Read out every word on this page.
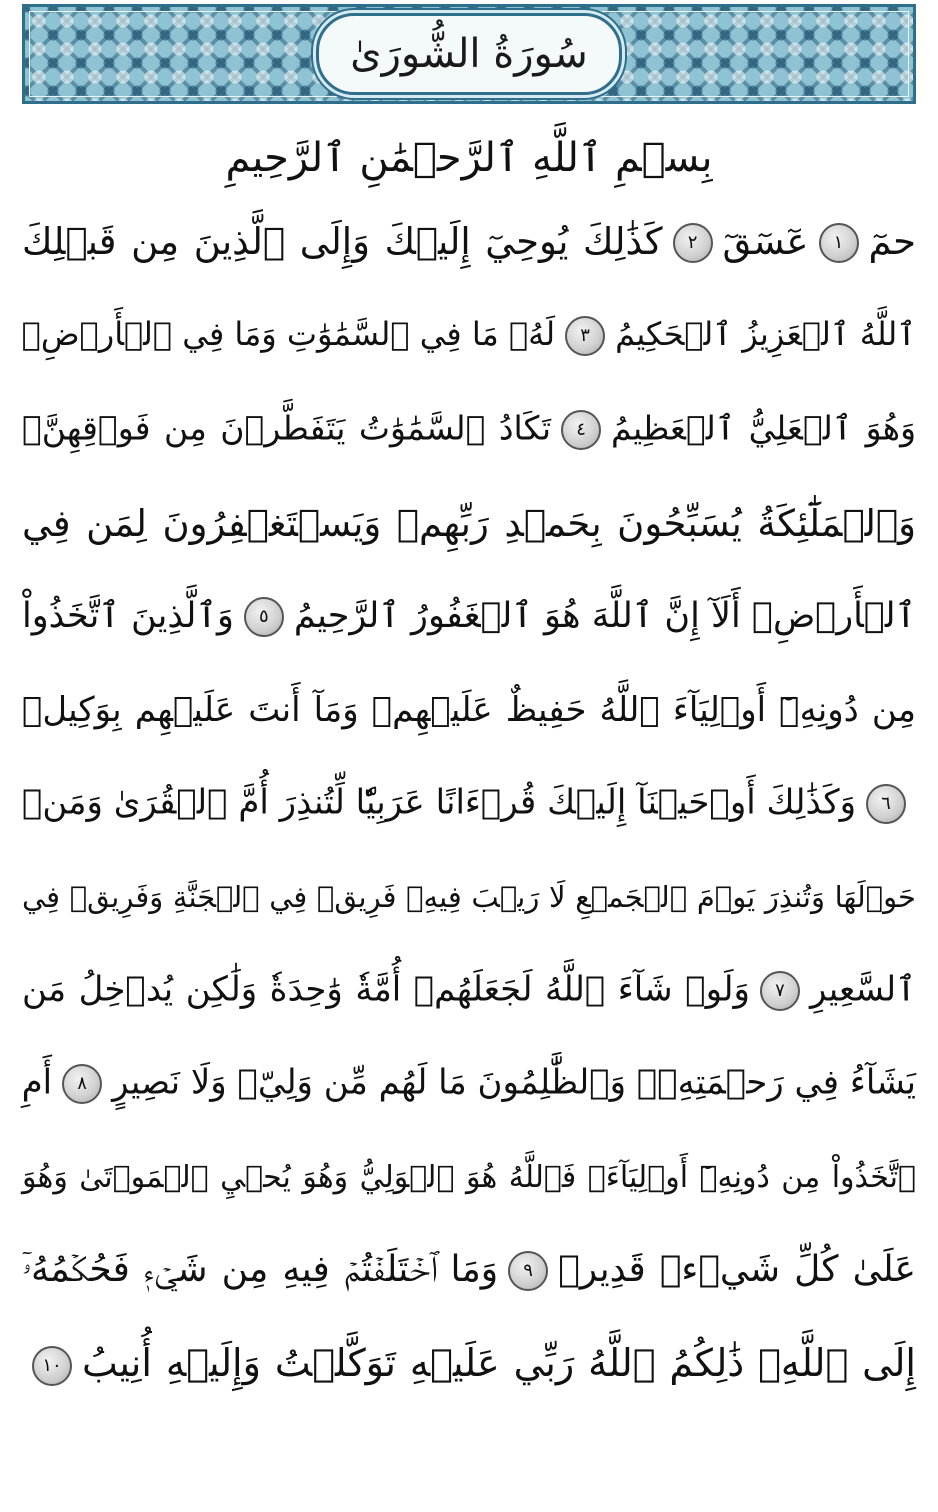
سُورَةُ الشُّورَىٰ
بِسۡمِ ٱللَّهِ ٱلرَّحۡمَٰنِ ٱلرَّحِيمِ
حمٓ١عٓسٓقٓ٢كَذَٰلِكَ يُوحِيٓ إِلَيۡكَ وَإِلَى ٱلَّذِينَ مِن قَبۡلِكَ
ٱللَّهُ ٱلۡعَزِيزُ ٱلۡحَكِيمُ٣لَهُۥ مَا فِي ٱلسَّمَٰوَٰتِ وَمَا فِي ٱلۡأَرۡضِۖ
وَهُوَ ٱلۡعَلِيُّ ٱلۡعَظِيمُ٤تَكَادُ ٱلسَّمَٰوَٰتُ يَتَفَطَّرۡنَ مِن فَوۡقِهِنَّۚ
وَٱلۡمَلَٰٓئِكَةُ يُسَبِّحُونَ بِحَمۡدِ رَبِّهِمۡ وَيَسۡتَغۡفِرُونَ لِمَن فِي
ٱلۡأَرۡضِۗ أَلَآ إِنَّ ٱللَّهَ هُوَ ٱلۡغَفُورُ ٱلرَّحِيمُ٥وَٱلَّذِينَ ٱتَّخَذُواْ
مِن دُونِهِۦٓ أَوۡلِيَآءَ ٱللَّهُ حَفِيظٌ عَلَيۡهِمۡ وَمَآ أَنتَ عَلَيۡهِم بِوَكِيلٖ
٦وَكَذَٰلِكَ أَوۡحَيۡنَآ إِلَيۡكَ قُرۡءَانًا عَرَبِيّٗا لِّتُنذِرَ أُمَّ ٱلۡقُرَىٰ وَمَنۡ
حَوۡلَهَا وَتُنذِرَ يَوۡمَ ٱلۡجَمۡعِ لَا رَيۡبَ فِيهِۚ فَرِيقٞ فِي ٱلۡجَنَّةِ وَفَرِيقٞ فِي
ٱلسَّعِيرِ٧وَلَوۡ شَآءَ ٱللَّهُ لَجَعَلَهُمۡ أُمَّةٗ وَٰحِدَةٗ وَلَٰكِن يُدۡخِلُ مَن
يَشَآءُ فِي رَحۡمَتِهِۦۚ وَٱلظَّٰلِمُونَ مَا لَهُم مِّن وَلِيّٖ وَلَا نَصِيرٍ٨أَمِ
ٱتَّخَذُواْ مِن دُونِهِۦٓ أَوۡلِيَآءَۖ فَٱللَّهُ هُوَ ٱلۡوَلِيُّ وَهُوَ يُحۡيِ ٱلۡمَوۡتَىٰ وَهُوَ
عَلَىٰ كُلِّ شَيۡءٖ قَدِيرٞ٩وَمَا ٱخۡتَلَفۡتُمۡ فِيهِ مِن شَيۡءٖ فَحُكۡمُهُۥٓ
إِلَى ٱللَّهِۚ ذَٰلِكُمُ ٱللَّهُ رَبِّي عَلَيۡهِ تَوَكَّلۡتُ وَإِلَيۡهِ أُنِيبُ١٠
